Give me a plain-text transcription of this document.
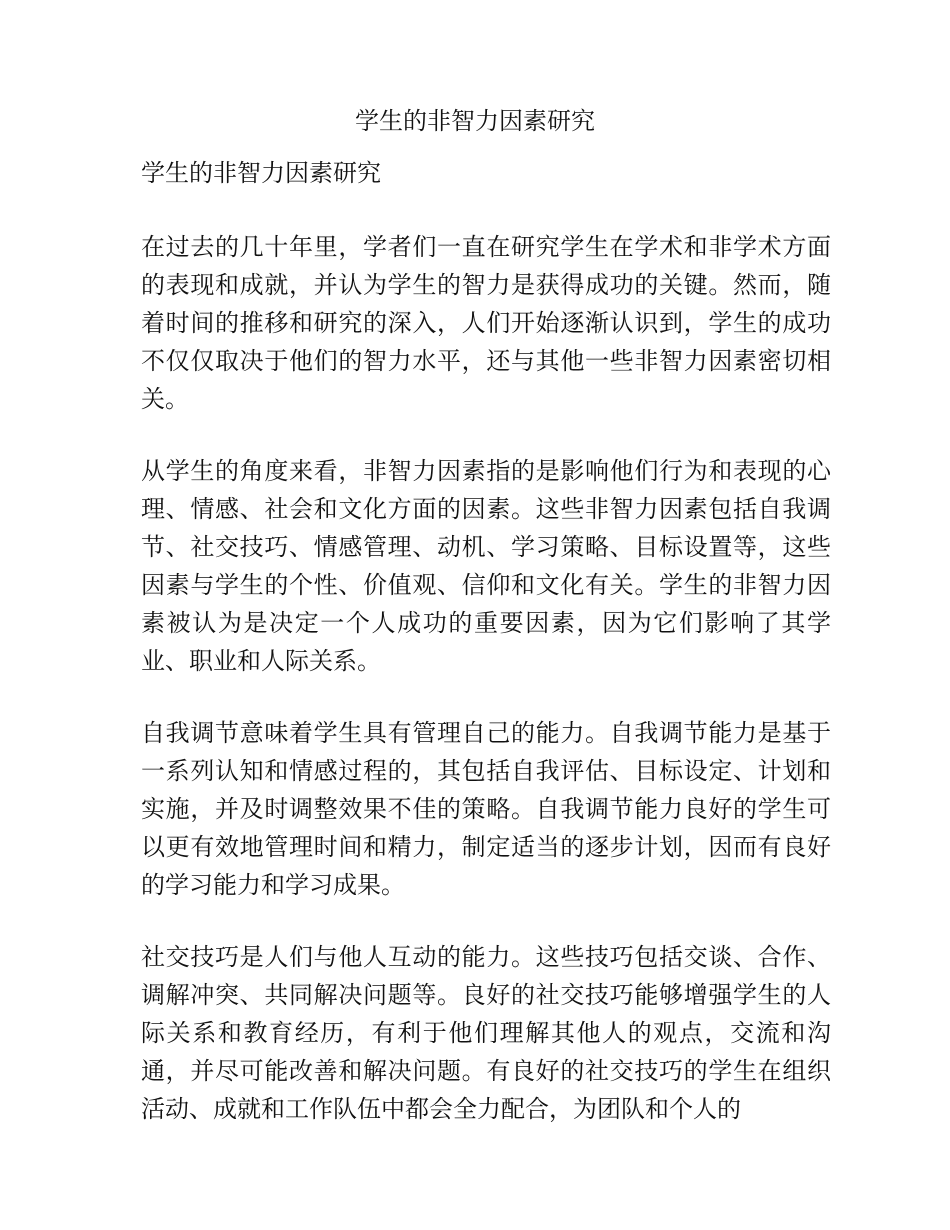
学生的非智力因素研究
学生的非智力因素研究

在过去的几十年里，学者们一直在研究学生在学术和非学术方面的表现和成就，并认为学生的智力是获得成功的关键。然而，随着时间的推移和研究的深入，人们开始逐渐认识到，学生的成功不仅仅取决于他们的智力水平，还与其他一些非智力因素密切相关。

从学生的角度来看，非智力因素指的是影响他们行为和表现的心理、情感、社会和文化方面的因素。这些非智力因素包括自我调节、社交技巧、情感管理、动机、学习策略、目标设置等，这些因素与学生的个性、价值观、信仰和文化有关。学生的非智力因素被认为是决定一个人成功的重要因素，因为它们影响了其学业、职业和人际关系。

自我调节意味着学生具有管理自己的能力。自我调节能力是基于一系列认知和情感过程的，其包括自我评估、目标设定、计划和实施，并及时调整效果不佳的策略。自我调节能力良好的学生可以更有效地管理时间和精力，制定适当的逐步计划，因而有良好的学习能力和学习成果。

社交技巧是人们与他人互动的能力。这些技巧包括交谈、合作、调解冲突、共同解决问题等。良好的社交技巧能够增强学生的人际关系和教育经历，有利于他们理解其他人的观点，交流和沟通，并尽可能改善和解决问题。有良好的社交技巧的学生在组织活动、成就和工作队伍中都会全力配合，为团队和个人的
